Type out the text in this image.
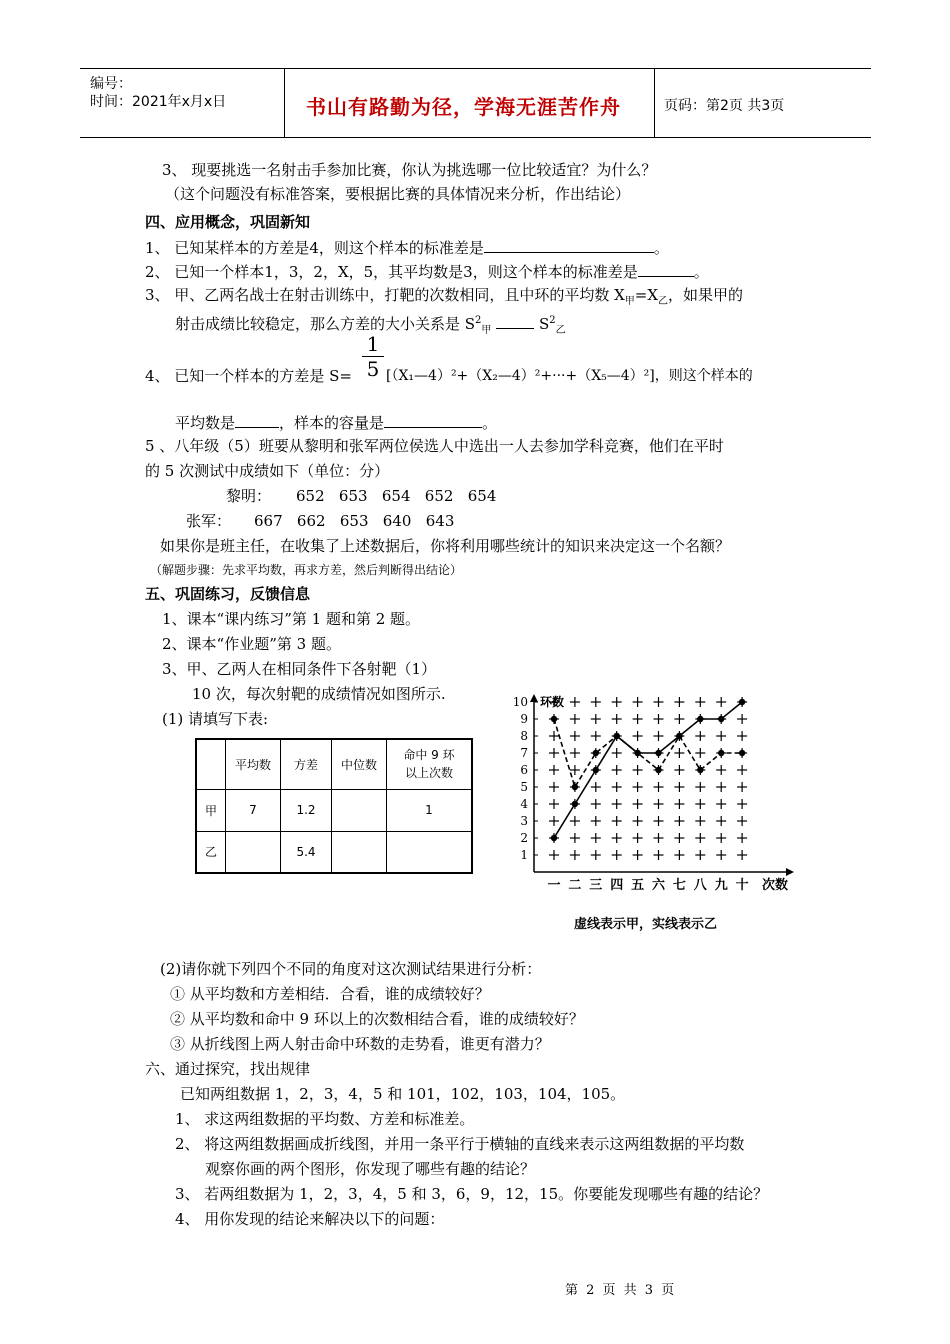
编号：
时间：2021年x月x日	书山有路勤为径，学海无涯苦作舟	页码：第2页 共3页
3、 现要挑选一名射击手参加比赛，你认为挑选哪一位比较适宜？为什么？
（这个问题没有标准答案，要根据比赛的具体情况来分析，作出结论）
四、应用概念，巩固新知
1、 已知某样本的方差是4，则这个样本的标准差是	。
2、 已知一个样本1，3，2，X，5，其平均数是3，则这个样本的标准差是	。
3、 甲、乙两名战士在射击训练中，打靶的次数相同，且中环的平均数 $X_甲=X_乙$，如果甲的
射击成绩比较稳定，那么方差的大小关系是 $S^2_甲$	$S^2_乙$
1
5
4、 已知一个样本的方差是 S= [（X₁—4）²+（X₂—4）²+···+（X₅—4）²]，则这个样本的
平均数是	，样本的容量是	。
5 、八年级（5）班要从黎明和张军两位侯选人中选出一人去参加学科竞赛，他们在平时
的 5 次测试中成绩如下（单位：分）
黎明： 652   653   654   652   654
张军： 667   662   653   640   643
如果你是班主任，在收集了上述数据后，你将利用哪些统计的知识来决定这一个名额？
（解题步骤：先求平均数，再求方差，然后判断得出结论）
五、巩固练习，反馈信息
1、课本“课内练习”第 1 题和第 2 题。
2、课本“作业题”第 3 题。
3、甲、乙两人在相同条件下各射靶（1）
10 次，每次射靶的成绩情况如图所示.
(1) 请填写下表:
	平均数	方差	中位数	命中 9 环
以上次数

甲	7	1.2		1
乙		5.4		
环数
次数
1
2
3
4
5
6
7
8
9
10
一 二 三 四 五 六 七 八 九 十
虚线表示甲，实线表示乙
(2)请你就下列四个不同的角度对这次测试结果进行分析：
① 从平均数和方差相结．合看，谁的成绩较好？
② 从平均数和命中 9 环以上的次数相结合看，谁的成绩较好？
③ 从折线图上两人射击命中环数的走势看，谁更有潜力？
六、通过探究，找出规律
已知两组数据 1，2，3，4，5 和 101，102，103，104，105。
1、 求这两组数据的平均数、方差和标准差。
2、 将这两组数据画成折线图，并用一条平行于横轴的直线来表示这两组数据的平均数
观察你画的两个图形，你发现了哪些有趣的结论？
3、 若两组数据为 1，2，3，4，5 和 3，6，9，12，15。你要能发现哪些有趣的结论？
4、 用你发现的结论来解决以下的问题：
第 2 页 共 3 页
